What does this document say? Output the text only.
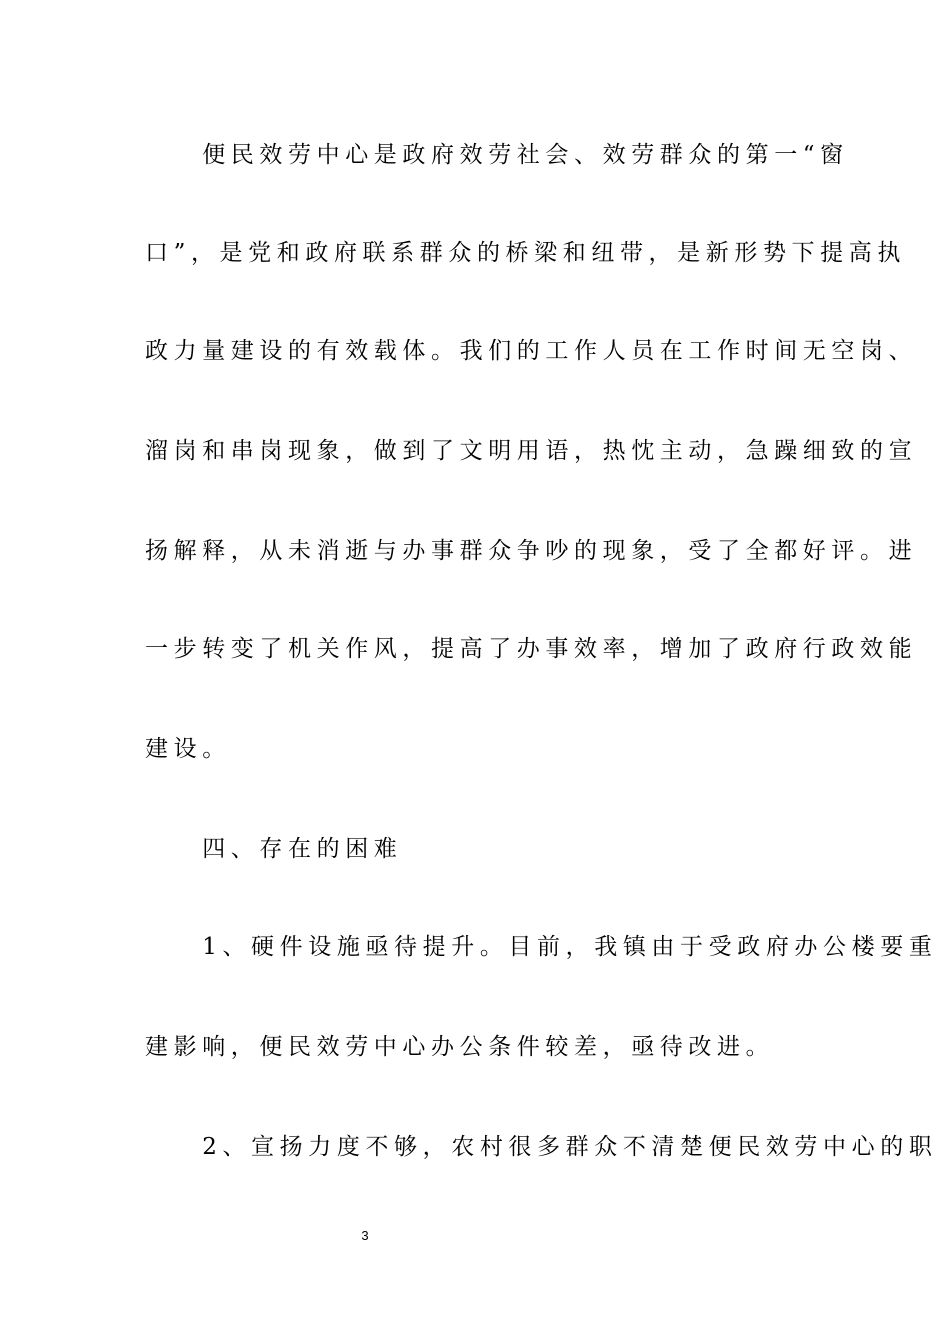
　　便民效劳中心是政府效劳社会、效劳群众的第一“窗
口”，是党和政府联系群众的桥梁和纽带，是新形势下提高执
政力量建设的有效载体。我们的工作人员在工作时间无空岗、
溜岗和串岗现象，做到了文明用语，热忱主动，急躁细致的宣
扬解释，从未消逝与办事群众争吵的现象，受了全都好评。进
一步转变了机关作风，提高了办事效率，增加了政府行政效能
建设。
　　四、存在的困难
　　1、硬件设施亟待提升。目前，我镇由于受政府办公楼要重
建影响，便民效劳中心办公条件较差，亟待改进。
　　2、宣扬力度不够，农村很多群众不清楚便民效劳中心的职
3
